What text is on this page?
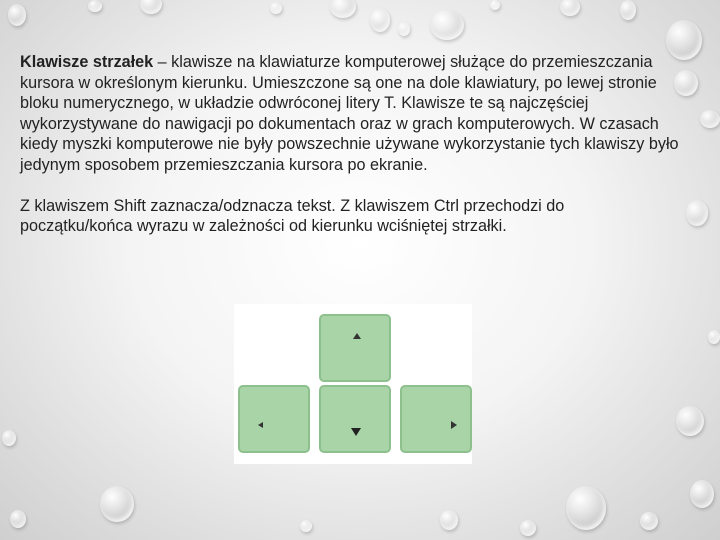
Klawisze strzałek – klawisze na klawiaturze komputerowej służące do przemieszczania kursora w określonym kierunku. Umieszczone są one na dole klawiatury, po lewej stronie bloku numerycznego, w układzie odwróconej litery T. Klawisze te są najczęściej wykorzystywane do nawigacji po dokumentach oraz w grach komputerowych. W czasach kiedy myszki komputerowe nie były powszechnie używane wykorzystanie tych klawiszy było jedynym sposobem przemieszczania kursora po ekranie.

Z klawiszem Shift zaznacza/odznacza tekst. Z klawiszem Ctrl przechodzi do początku/końca wyrazu w zależności od kierunku wciśniętej strzałki.
